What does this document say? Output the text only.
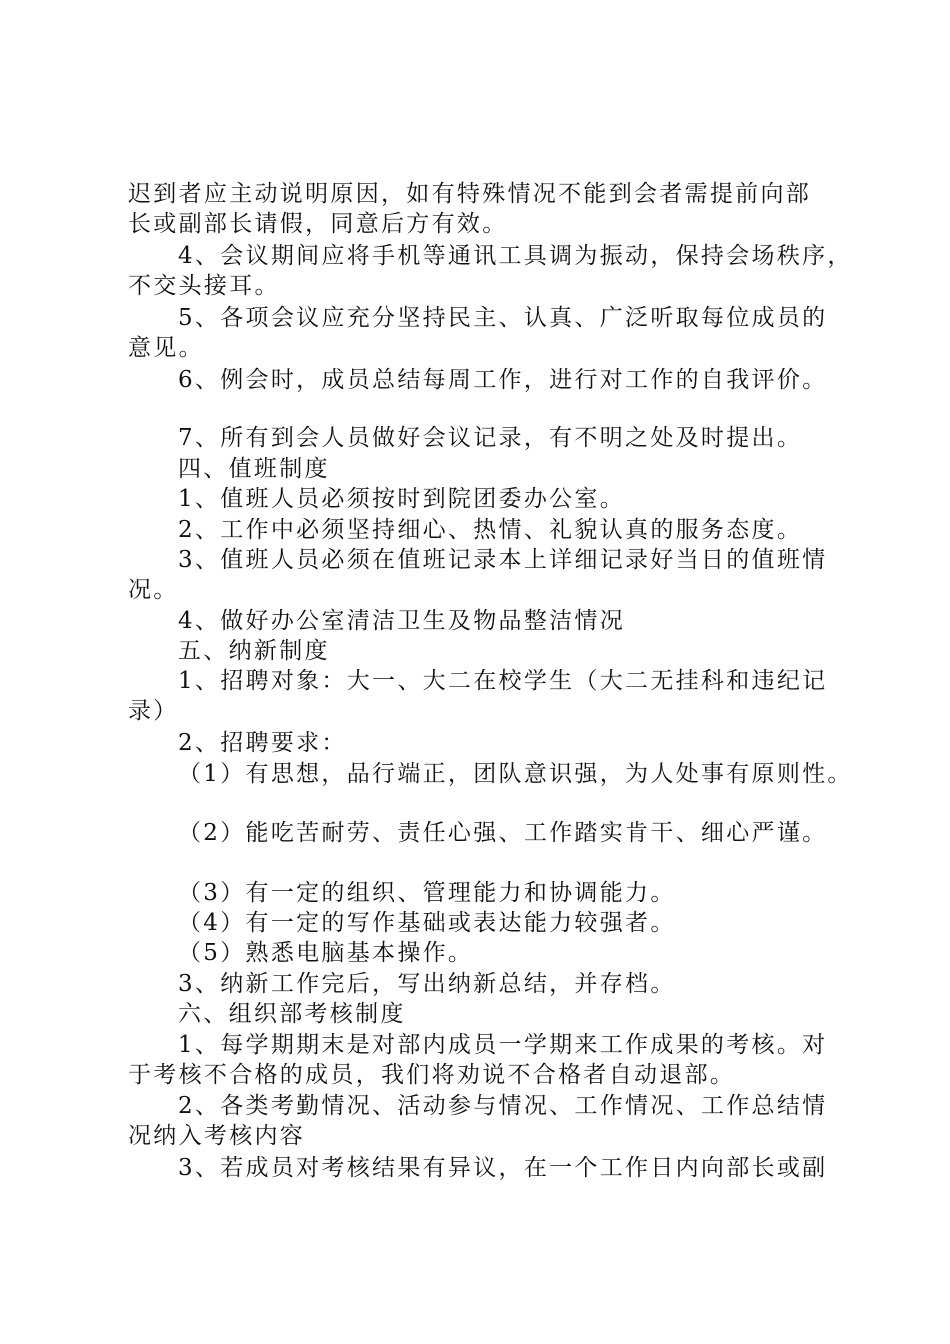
迟到者应主动说明原因，如有特殊情况不能到会者需提前向部
长或副部长请假，同意后方有效。
4、会议期间应将手机等通讯工具调为振动，保持会场秩序，
不交头接耳。
5、各项会议应充分坚持民主、认真、广泛听取每位成员的
意见。
6、例会时，成员总结每周工作，进行对工作的自我评价。
7、所有到会人员做好会议记录，有不明之处及时提出。
四、值班制度
1、值班人员必须按时到院团委办公室。
2、工作中必须坚持细心、热情、礼貌认真的服务态度。
3、值班人员必须在值班记录本上详细记录好当日的值班情
况。
4、做好办公室清洁卫生及物品整洁情况
五、纳新制度
1、招聘对象：大一、大二在校学生（大二无挂科和违纪记
录）
2、招聘要求：
（1）有思想，品行端正，团队意识强，为人处事有原则性。
（2）能吃苦耐劳、责任心强、工作踏实肯干、细心严谨。
（3）有一定的组织、管理能力和协调能力。
（4）有一定的写作基础或表达能力较强者。
（5）熟悉电脑基本操作。
3、纳新工作完后，写出纳新总结，并存档。
六、组织部考核制度
1、每学期期末是对部内成员一学期来工作成果的考核。对
于考核不合格的成员，我们将劝说不合格者自动退部。
2、各类考勤情况、活动参与情况、工作情况、工作总结情
况纳入考核内容
3、若成员对考核结果有异议，在一个工作日内向部长或副
